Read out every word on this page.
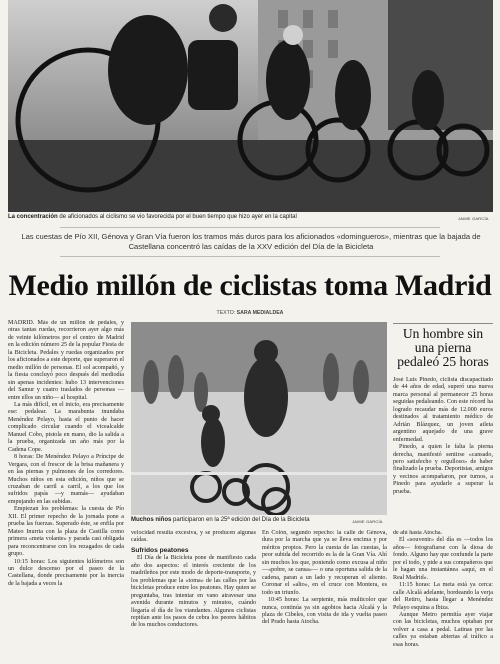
La concentración de aficionados al ciclismo se vio favorecida por el buen tiempo que hizo ayer en la capital	JAIME GARCÍA
Las cuestas de Pío XII, Génova y Gran Vía fueron los tramos más duros para los aficionados «domingueros», mientras que la bajada de Castellana concentró las caídas de la XXV edición del Día de la Bicicleta
Medio millón de ciclistas toma Madrid
TEXTO: SARA MEDIALDEA

MADRID. Más de un millón de pedales, y otras tantas ruedas, recorrieron ayer algo más de veinte kilómetros por el centro de Madrid en la edición número 25 de la popular Fiesta de la Bicicleta. Pedales y ruedas organizados por los aficionados a este deporte, que superaron el medio millón de personas. El sol acompañó, y la fiesta concluyó poco después del mediodía sin apenas incidentes: hubo 13 intervenciones del Samur y cuatro traslados de personas —entre ellos un niño— al hospital.

La más difícil, en el inicio, era precisamente ese: pedalear. La marabunta inundaba Menéndez Pelayo, hasta el punto de hacer complicado circular cuando el vicealcalde Manuel Cobo, pistola en mano, dio la salida a la prueba, organizada un año más por la Cadena Cope.

8 horas: De Menéndez Pelayo a Príncipe de Vergara, con el frescor de la brisa mañanera y en las piernas y pulmones de los corredores. Muchos niños en esta edición, niños que se cruzaban de carril a carril, a los que los sufridos papás —y mamás— ayudaban empujando en las subidas.

Empiezan los problemas: la cuesta de Pío XII. El primer repecho de la jornada pone a prueba las fuerzas. Superado éste, se enfila por Mateo Inurria con la plaza de Castilla como primera «meta volante» y parada casi obligada para reconcentrarse con los rezagados de cada grupo.

10:15 horas: Los siguientes kilómetros son un dulce descenso por el paseo de la Castellana, donde precisamente por la inercia de la bajada a veces la

Muchos niños participaron en la 25ª edición del Día de la Bicicleta	JAIME GARCÍA

velocidad resulta excesiva, y se producen algunas caídas.

Sufridos peatones

El Día de la Bicicleta pone de manifiesto cada año dos aspectos: el interés creciente de los madrileños por este modo de deporte-transporte, y los problemas que la «toma» de las calles por las bicicletas produce entre los peatones. Hay quien se preguntaba, tras intentar en vano atravesar una avenida durante minutos y minutos, cuándo llegaría el día de los viandantes. Algunos ciclistas repitían ante los pasos de cebra los peores hábitos de los muchos conductores.

En Colón, segundo repecho: la calle de Génova, dura por la marcha que ya se lleva encima y por méritos propios. Pero la cuesta de las cuestas, la peor subida del recorrido es la de la Gran Vía. Ahí sin muchos los que, poniendo como excusa al niño —«pobre, se cansa»— o una oportuna salida de la cadena, paran a un lado y recuperan el aliento. Coronar el «alto», en el cruce con Montera, es todo un triunfo.

10:45 horas: La serpiente, más multicolor que nunca, continúa ya sin agobios hacia Alcalá y la plaza de Cibeles, con visita de ida y vuelta paseo del Prado hasta Atocha.

Un hombre sin una pierna pedaleó 25 horas

José Luis Pinedo, ciclista discapacitado de 44 años de edad, superó una nueva marca personal al permanecer 25 horas seguidas pedaleando. Con este récord ha logrado recaudar más de 12.000 euros destinados al tratamiento médico de Adrián Blázquez, un joven atleta argentino aquejado de una grave enfermedad.

Pinedo, a quien le falta la pierna derecha, manifestó sentirse «cansado, pero satisfecho y orgulloso» de haber finalizado la prueba. Deportistas, amigos y vecinos acompañaron, por turnos, a Pinedo para ayudarle a superar la prueba.

de ahí hasta Atocha.

El «souvenir» del día es —todos los años— fotografiarse con la diosa de fondo. Alguno hay que confunde la parte por el todo, y pide a sus compañeros que le hagan una instantánea «aquí, en el Real Madrid».

11:15 horas: La meta está ya cerca: calle Alcalá adelante, bordeando la verja del Retiro, hasta llegar a Menéndez Pelayo esquina a Ibiza.

Aunque Metro permitía ayer viajar con las bicicletas, muchos optaban por volver a casa a pedal. Latinas por las calles ya estaban abiertas al tráfico a esas horas.
